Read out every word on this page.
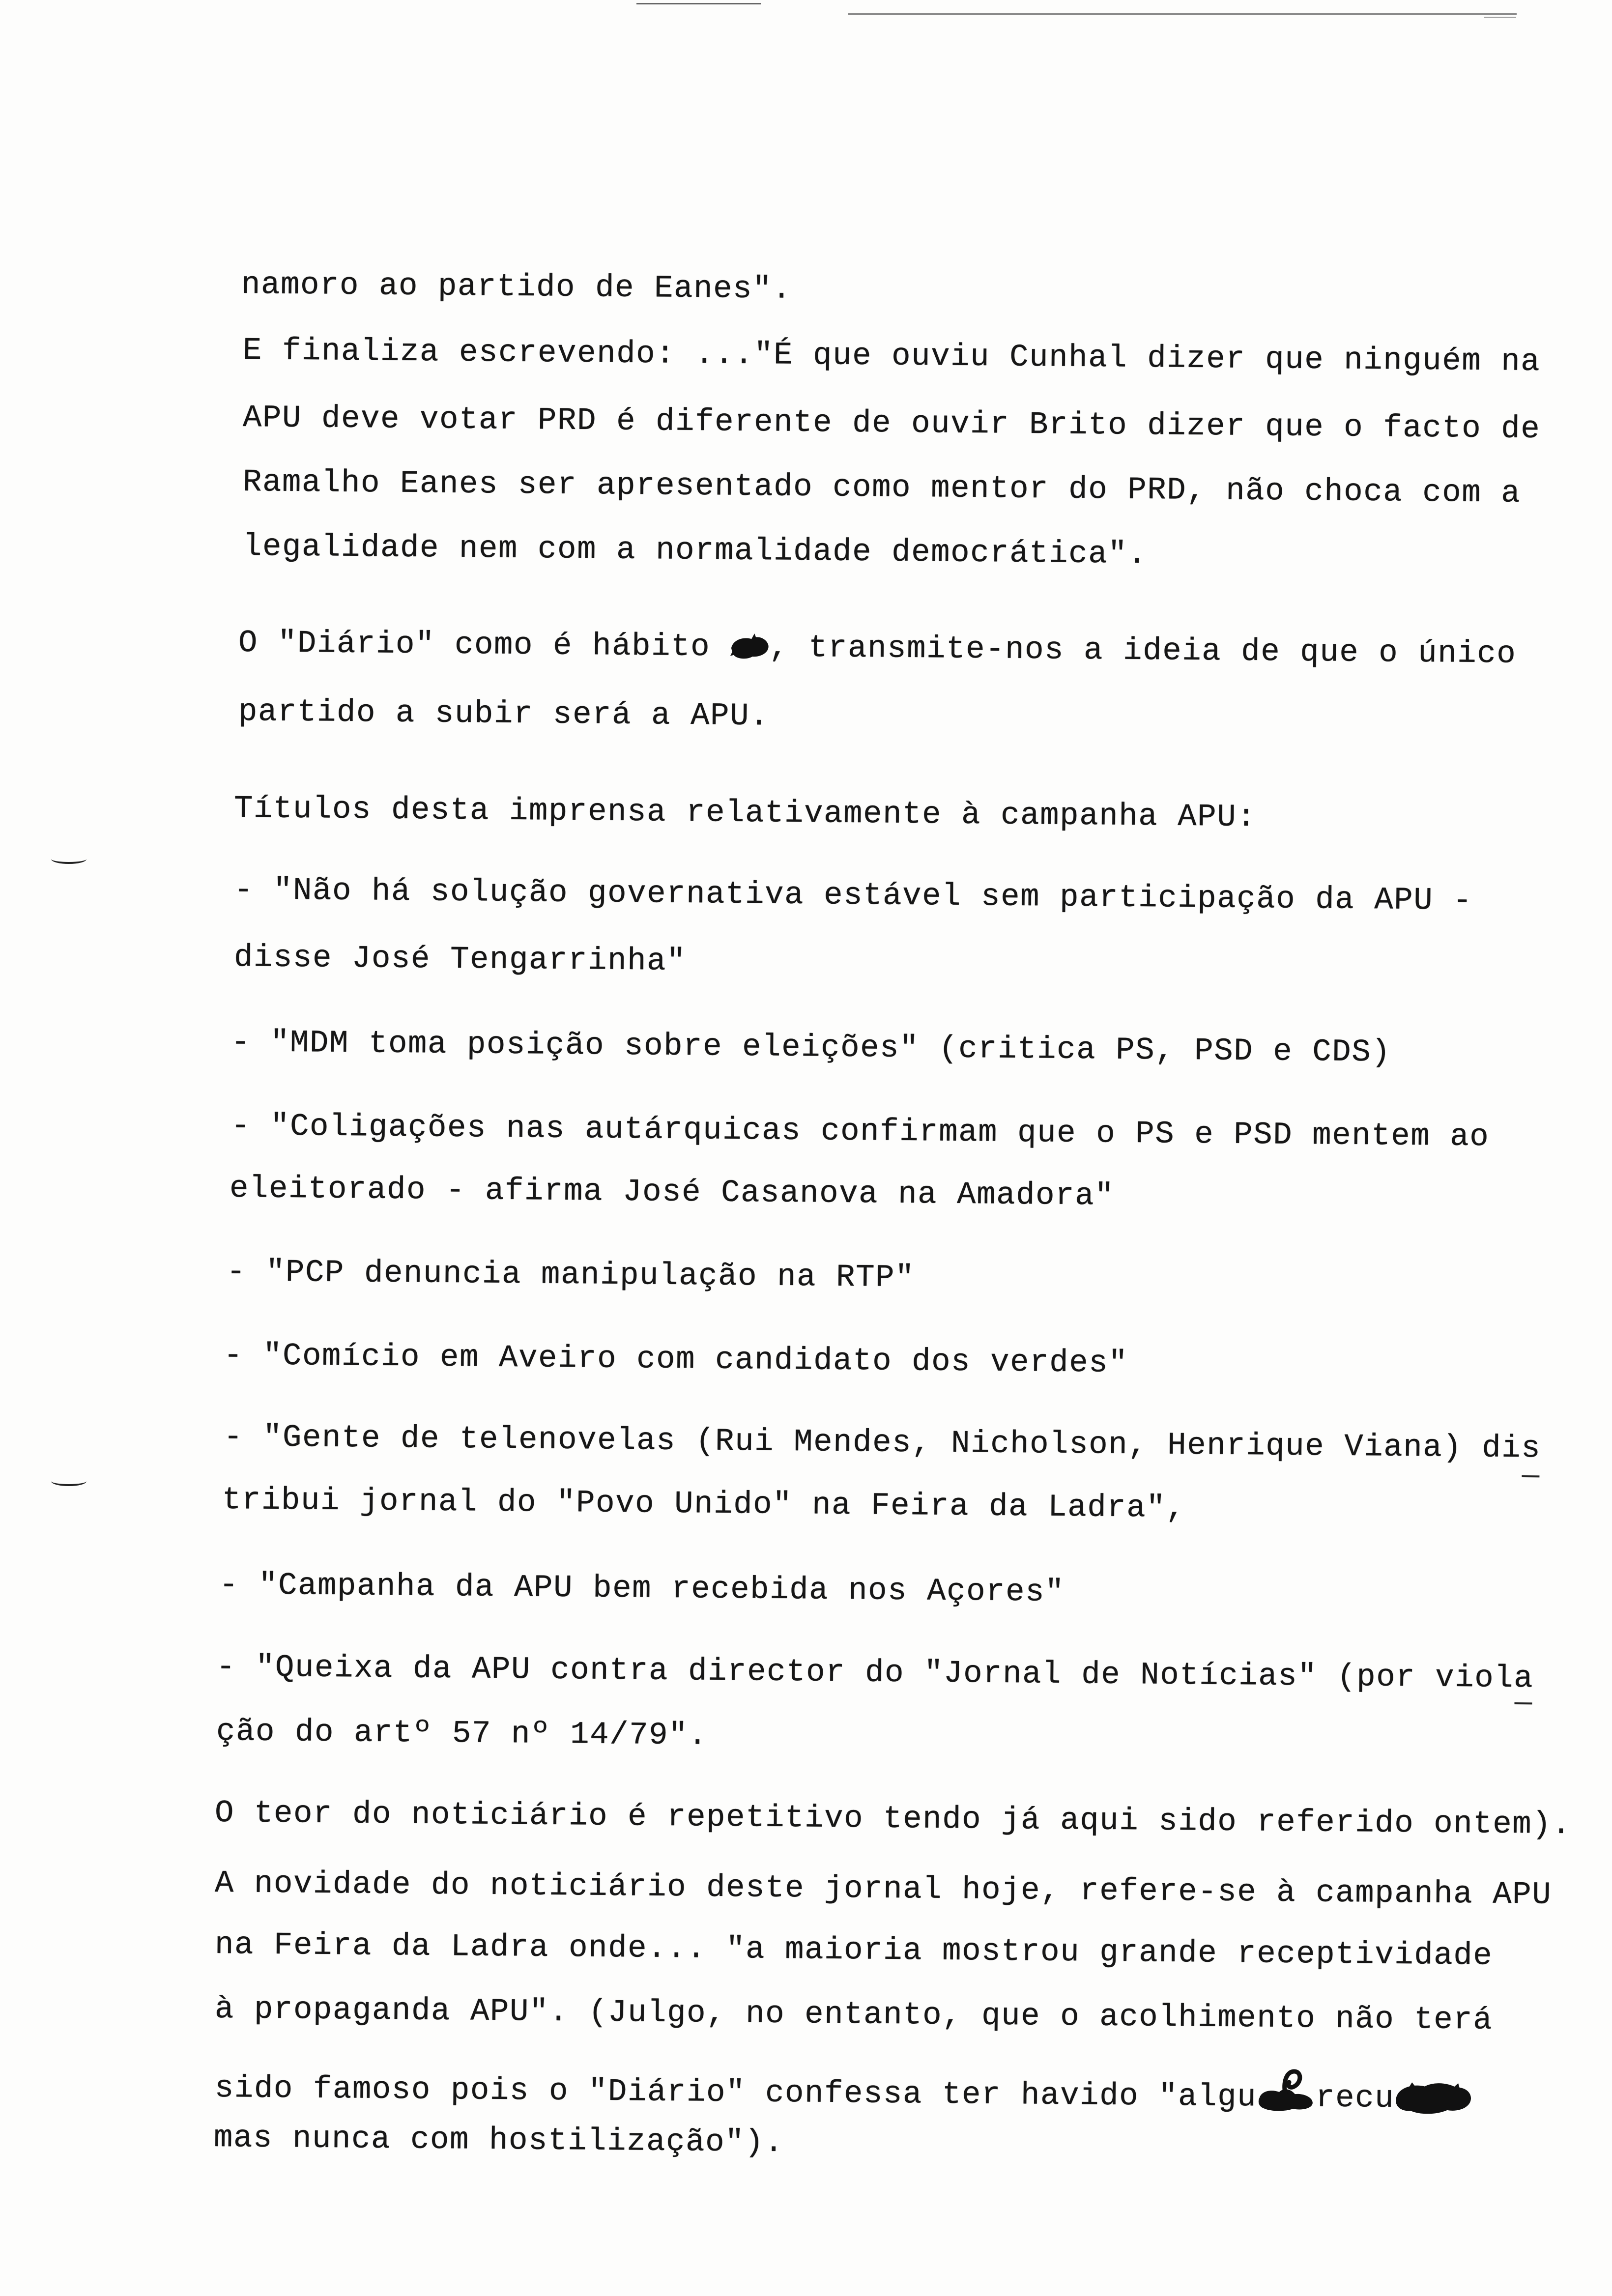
namoro ao partido de Eanes".
E finaliza escrevendo: ..."É que ouviu Cunhal dizer que ninguém na
APU deve votar PRD é diferente de ouvir Brito dizer que o facto de
Ramalho Eanes ser apresentado como mentor do PRD, não choca com a
legalidade nem com a normalidade democrática".
O "Diário" como é hábito , transmite-nos a ideia de que o único
partido a subir será a APU.
Títulos desta imprensa relativamente à campanha APU:
- "Não há solução governativa estável sem participação da APU -
disse José Tengarrinha"
- "MDM toma posição sobre eleições" (critica PS, PSD e CDS)
- "Coligações nas autárquicas confirmam que o PS e PSD mentem ao
eleitorado - afirma José Casanova na Amadora"
- "PCP denuncia manipulação na RTP"
- "Comício em Aveiro com candidato dos verdes"
- "Gente de telenovelas (Rui Mendes, Nicholson, Henrique Viana) dis
tribui jornal do "Povo Unido" na Feira da Ladra",
- "Campanha da APU bem recebida nos Açores"
- "Queixa da APU contra director do "Jornal de Notícias" (por viola
ção do artº 57 nº 14/79".
O teor do noticiário é repetitivo tendo já aqui sido referido ontem).
A novidade do noticiário deste jornal hoje, refere-se à campanha APU
na Feira da Ladra onde... "a maioria mostrou grande receptividade
à propaganda APU". (Julgo, no entanto, que o acolhimento não terá
sido famoso pois o "Diário" confessa ter havido "algu recu
mas nunca com hostilização").
